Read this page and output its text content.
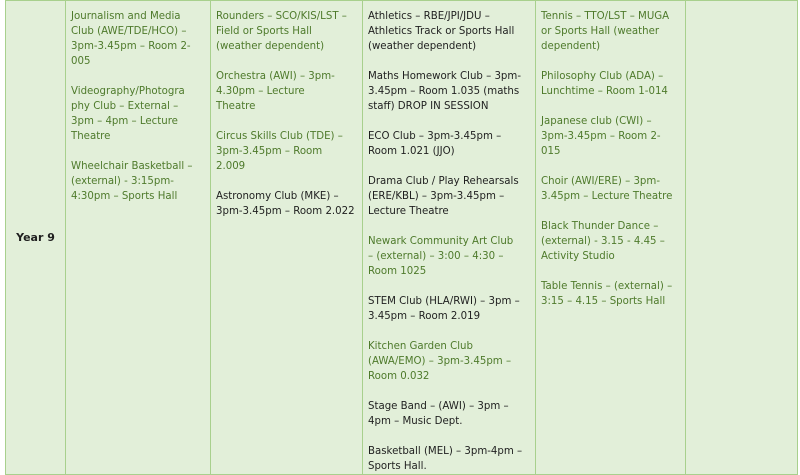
Year 9	
Journalism and Media
Club (AWE/TDE/HCO) –
3pm-3.45pm – Room 2-
005
Videography/Photogra
phy Club – External –
3pm – 4pm – Lecture
Theatre
Wheelchair Basketball –
(external) - 3:15pm-
4:30pm – Sports Hall

Rounders – SCO/KIS/LST –
Field or Sports Hall
(weather dependent)
Orchestra (AWI) – 3pm-
4.30pm – Lecture
Theatre
Circus Skills Club (TDE) –
3pm-3.45pm – Room
2.009
Astronomy Club (MKE) –
3pm-3.45pm – Room 2.022

Athletics – RBE/JPI/JDU –
Athletics Track or Sports Hall
(weather dependent)
Maths Homework Club – 3pm-
3.45pm – Room 1.035 (maths
staff) DROP IN SESSION
ECO Club – 3pm-3.45pm –
Room 1.021 (JJO)
Drama Club / Play Rehearsals
(ERE/KBL) – 3pm-3.45pm –
Lecture Theatre
Newark Community Art Club
– (external) – 3:00 – 4:30 –
Room 1025
STEM Club (HLA/RWI) – 3pm –
3.45pm – Room 2.019
Kitchen Garden Club
(AWA/EMO) – 3pm-3.45pm –
Room 0.032
Stage Band – (AWI) – 3pm –
4pm – Music Dept.
Basketball (MEL) – 3pm-4pm –
Sports Hall.

Tennis – TTO/LST – MUGA
or Sports Hall (weather
dependent)
Philosophy Club (ADA) –
Lunchtime – Room 1-014
Japanese club (CWI) –
3pm-3.45pm – Room 2-
015
Choir (AWI/ERE) – 3pm-
3.45pm – Lecture Theatre
Black Thunder Dance –
(external) - 3.15 - 4.45 –
Activity Studio
Table Tennis – (external) –
3:15 – 4.15 – Sports Hall
